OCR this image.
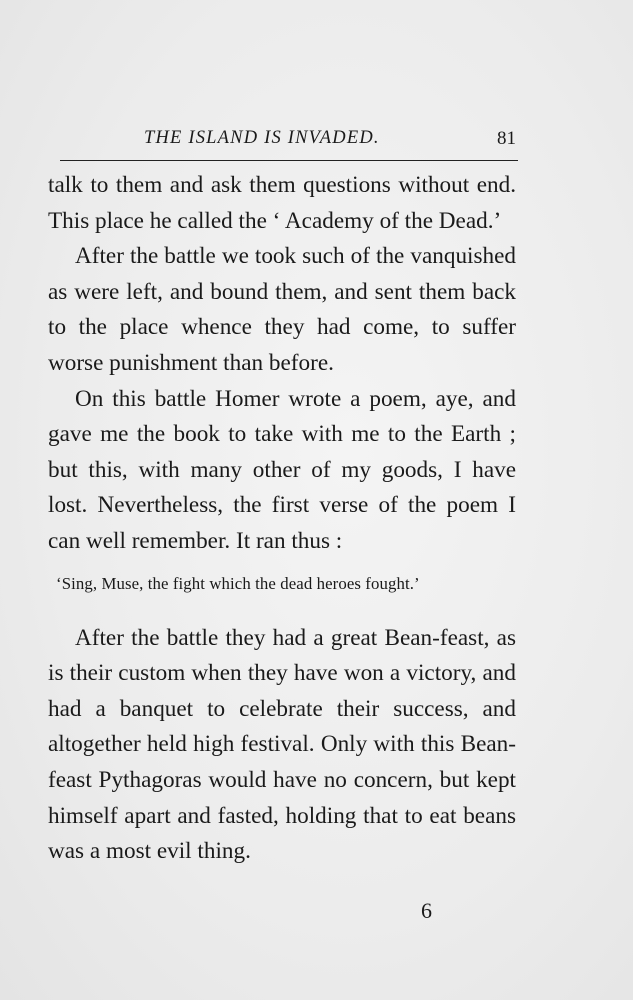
THE ISLAND IS INVADED.	81

talk to them and ask them questions without end. This place he called the ‘ Academy of the Dead.’

After the battle we took such of the vanquished as were left, and bound them, and sent them back to the place whence they had come, to suffer worse punishment than before.

On this battle Homer wrote a poem, aye, and gave me the book to take with me to the Earth ; but this, with many other of my goods, I have lost. Nevertheless, the first verse of the poem I can well remember. It ran thus :

‘Sing, Muse, the fight which the dead heroes fought.’

After the battle they had a great Bean-feast, as is their custom when they have won a victory, and had a banquet to celebrate their success, and altogether held high festival. Only with this Bean-feast Pythagoras would have no concern, but kept himself apart and fasted, holding that to eat beans was a most evil thing.

6
